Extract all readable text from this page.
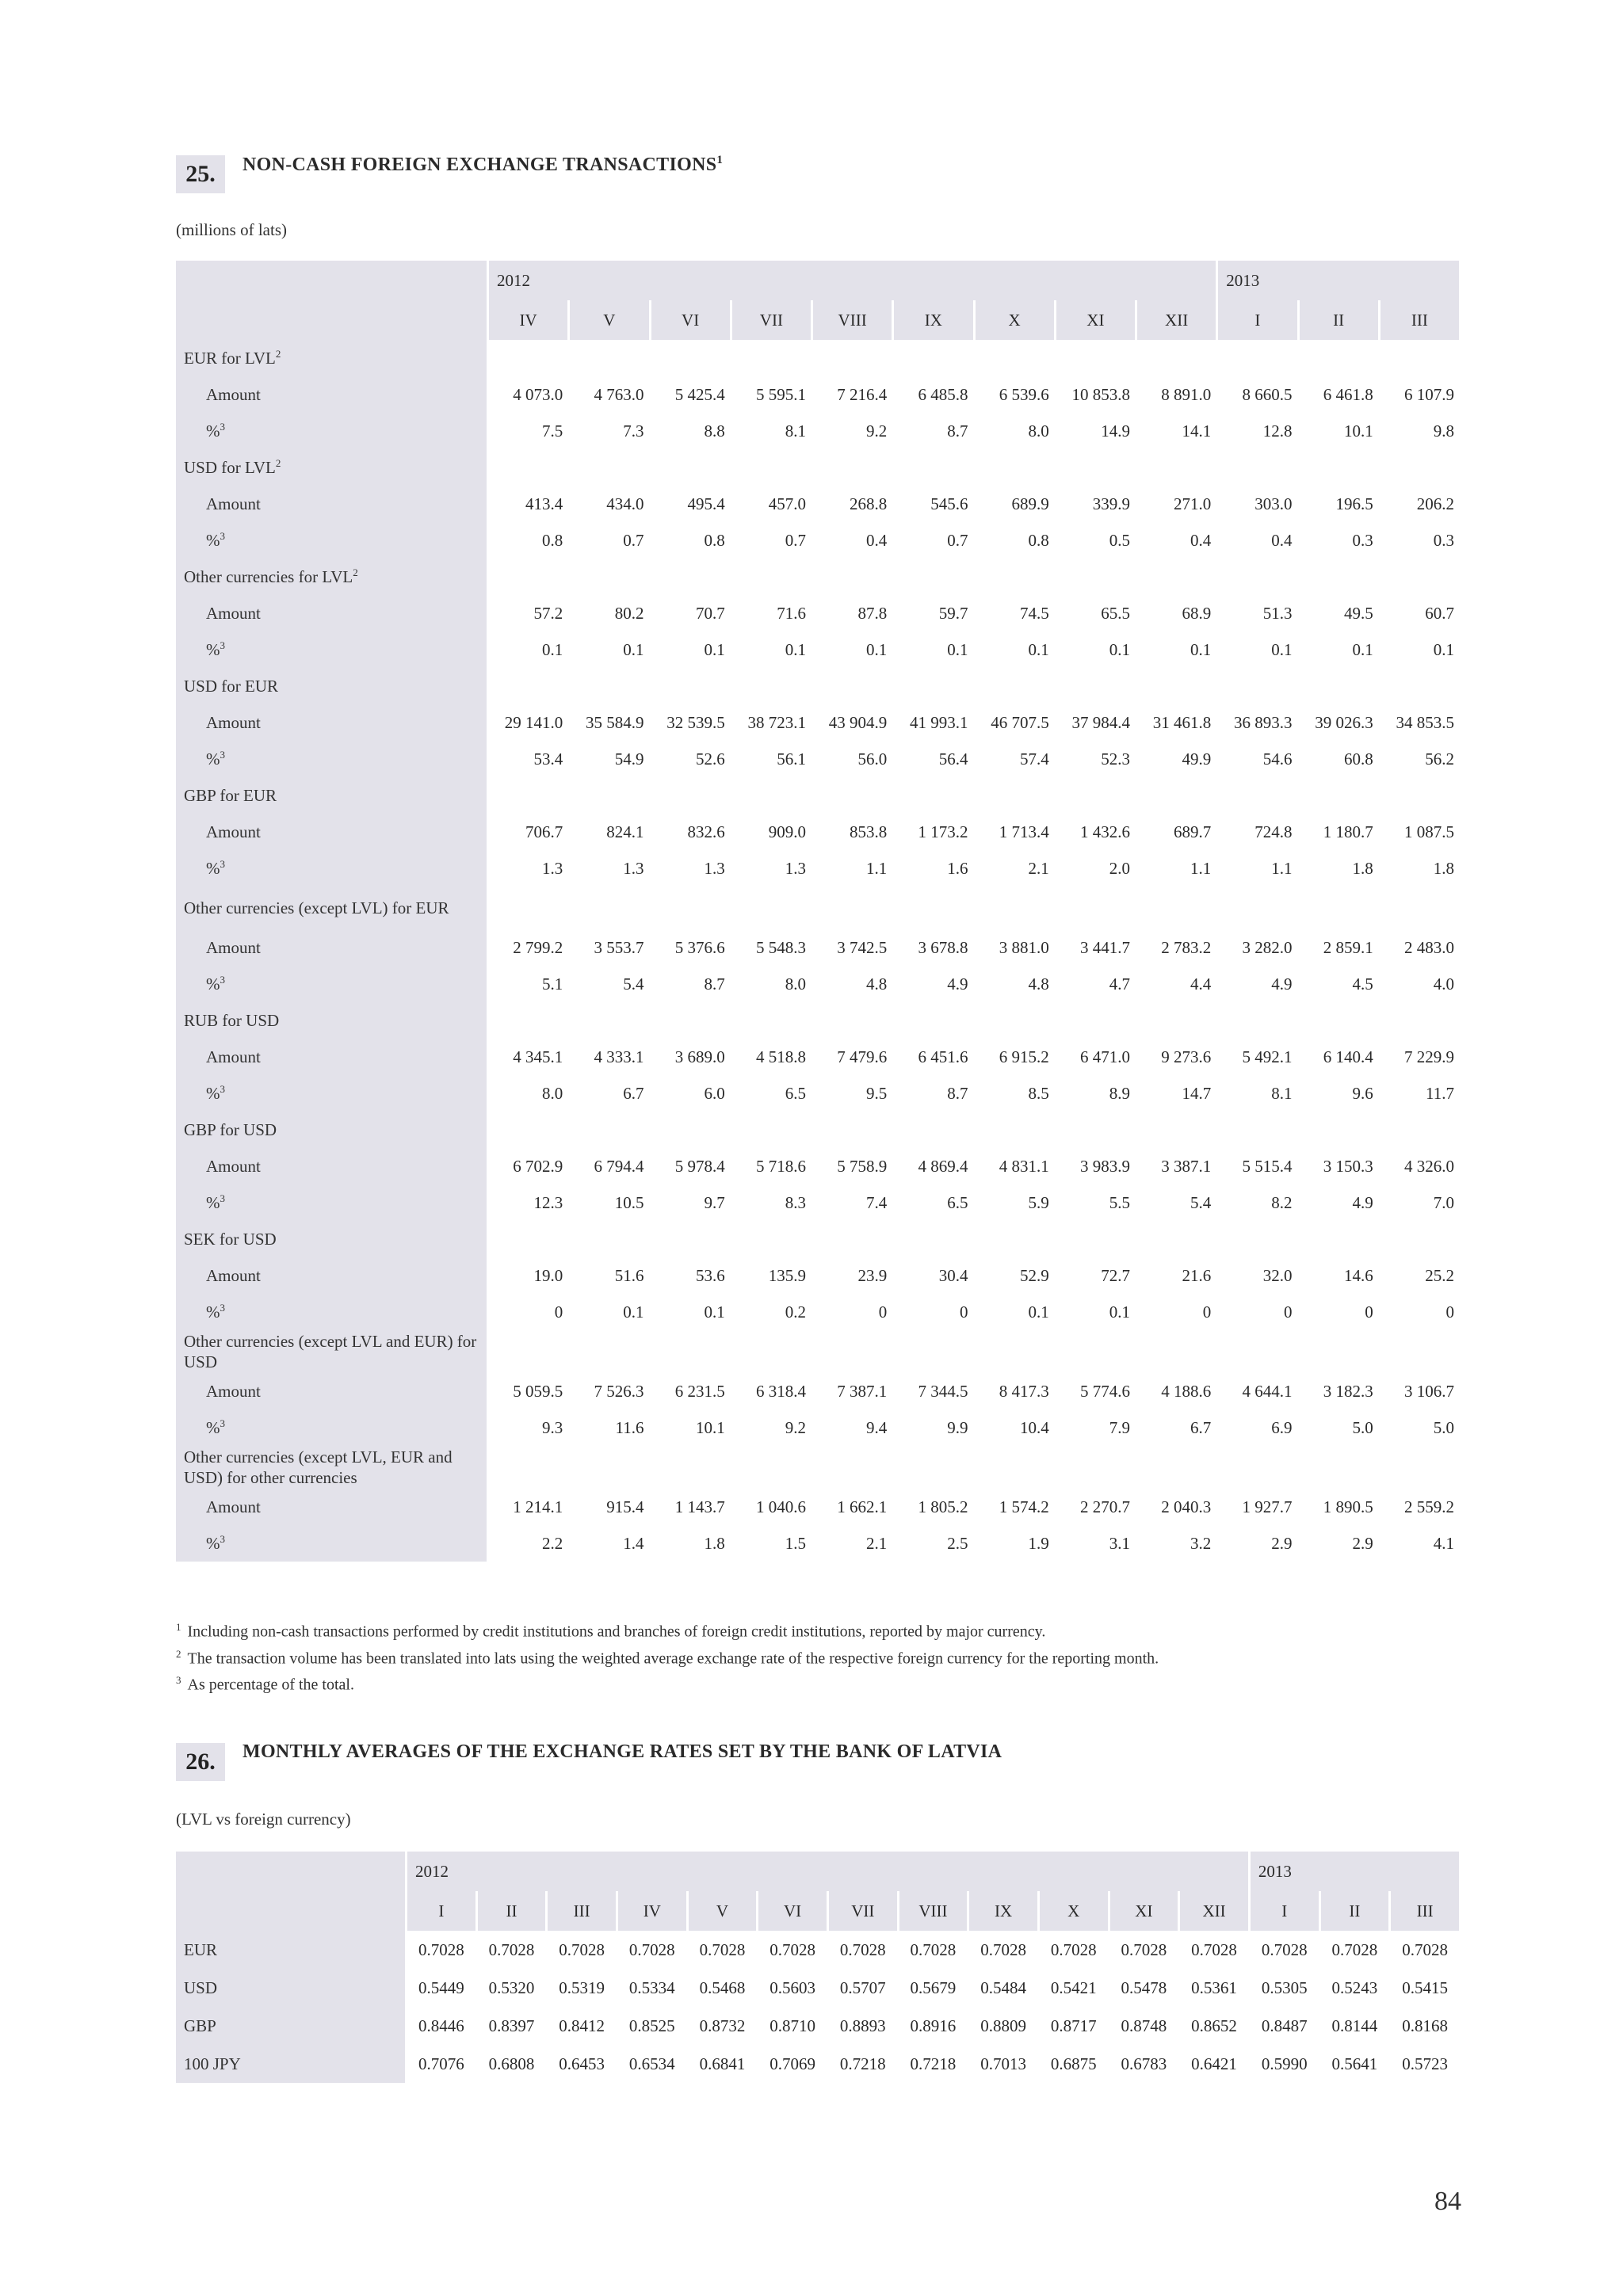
25.	NON-CASH FOREIGN EXCHANGE TRANSACTIONS$^1$
(millions of lats)
	2012									2013		
	IV	V	VI	VII	VIII	IX	X	XI	XII	I	II	III
EUR for LVL$^2$												
Amount	4 073.0	4 763.0	5 425.4	5 595.1	7 216.4	6 485.8	6 539.6	10 853.8	8 891.0	8 660.5	6 461.8	6 107.9
%$^3$	7.5	7.3	8.8	8.1	9.2	8.7	8.0	14.9	14.1	12.8	10.1	9.8
USD for LVL$^2$												
Amount	413.4	434.0	495.4	457.0	268.8	545.6	689.9	339.9	271.0	303.0	196.5	206.2
%$^3$	0.8	0.7	0.8	0.7	0.4	0.7	0.8	0.5	0.4	0.4	0.3	0.3
Other currencies for LVL$^2$												
Amount	57.2	80.2	70.7	71.6	87.8	59.7	74.5	65.5	68.9	51.3	49.5	60.7
%$^3$	0.1	0.1	0.1	0.1	0.1	0.1	0.1	0.1	0.1	0.1	0.1	0.1
USD for EUR												
Amount	29 141.0	35 584.9	32 539.5	38 723.1	43 904.9	41 993.1	46 707.5	37 984.4	31 461.8	36 893.3	39 026.3	34 853.5
%$^3$	53.4	54.9	52.6	56.1	56.0	56.4	57.4	52.3	49.9	54.6	60.8	56.2
GBP for EUR												
Amount	706.7	824.1	832.6	909.0	853.8	1 173.2	1 713.4	1 432.6	689.7	724.8	1 180.7	1 087.5
%$^3$	1.3	1.3	1.3	1.3	1.1	1.6	2.1	2.0	1.1	1.1	1.8	1.8
Other currencies (except LVL) for EUR												
Amount	2 799.2	3 553.7	5 376.6	5 548.3	3 742.5	3 678.8	3 881.0	3 441.7	2 783.2	3 282.0	2 859.1	2 483.0
%$^3$	5.1	5.4	8.7	8.0	4.8	4.9	4.8	4.7	4.4	4.9	4.5	4.0
RUB for USD												
Amount	4 345.1	4 333.1	3 689.0	4 518.8	7 479.6	6 451.6	6 915.2	6 471.0	9 273.6	5 492.1	6 140.4	7 229.9
%$^3$	8.0	6.7	6.0	6.5	9.5	8.7	8.5	8.9	14.7	8.1	9.6	11.7
GBP for USD												
Amount	6 702.9	6 794.4	5 978.4	5 718.6	5 758.9	4 869.4	4 831.1	3 983.9	3 387.1	5 515.4	3 150.3	4 326.0
%$^3$	12.3	10.5	9.7	8.3	7.4	6.5	5.9	5.5	5.4	8.2	4.9	7.0
SEK for USD												
Amount	19.0	51.6	53.6	135.9	23.9	30.4	52.9	72.7	21.6	32.0	14.6	25.2
%$^3$	0	0.1	0.1	0.2	0	0	0.1	0.1	0	0	0	0
Other currencies (except LVL and EUR) for USD												
Amount	5 059.5	7 526.3	6 231.5	6 318.4	7 387.1	7 344.5	8 417.3	5 774.6	4 188.6	4 644.1	3 182.3	3 106.7
%$^3$	9.3	11.6	10.1	9.2	9.4	9.9	10.4	7.9	6.7	6.9	5.0	5.0
Other currencies (except LVL, EUR and USD) for other currencies												
Amount	1 214.1	915.4	1 143.7	1 040.6	1 662.1	1 805.2	1 574.2	2 270.7	2 040.3	1 927.7	1 890.5	2 559.2
%$^3$	2.2	1.4	1.8	1.5	2.1	2.5	1.9	3.1	3.2	2.9	2.9	4.1
$^1$ Including non-cash transactions performed by credit institutions and branches of foreign credit institutions, reported by major currency.
$^2$ The transaction volume has been translated into lats using the weighted average exchange rate of the respective foreign currency for the reporting month.
$^3$ As percentage of the total.
26.	MONTHLY AVERAGES OF THE EXCHANGE RATES SET BY THE BANK OF LATVIA
(LVL vs foreign currency)
	2012												2013		
	I	II	III	IV	V	VI	VII	VIII	IX	X	XI	XII	I	II	III
EUR	0.7028	0.7028	0.7028	0.7028	0.7028	0.7028	0.7028	0.7028	0.7028	0.7028	0.7028	0.7028	0.7028	0.7028	0.7028
USD	0.5449	0.5320	0.5319	0.5334	0.5468	0.5603	0.5707	0.5679	0.5484	0.5421	0.5478	0.5361	0.5305	0.5243	0.5415
GBP	0.8446	0.8397	0.8412	0.8525	0.8732	0.8710	0.8893	0.8916	0.8809	0.8717	0.8748	0.8652	0.8487	0.8144	0.8168
100 JPY	0.7076	0.6808	0.6453	0.6534	0.6841	0.7069	0.7218	0.7218	0.7013	0.6875	0.6783	0.6421	0.5990	0.5641	0.5723
84
